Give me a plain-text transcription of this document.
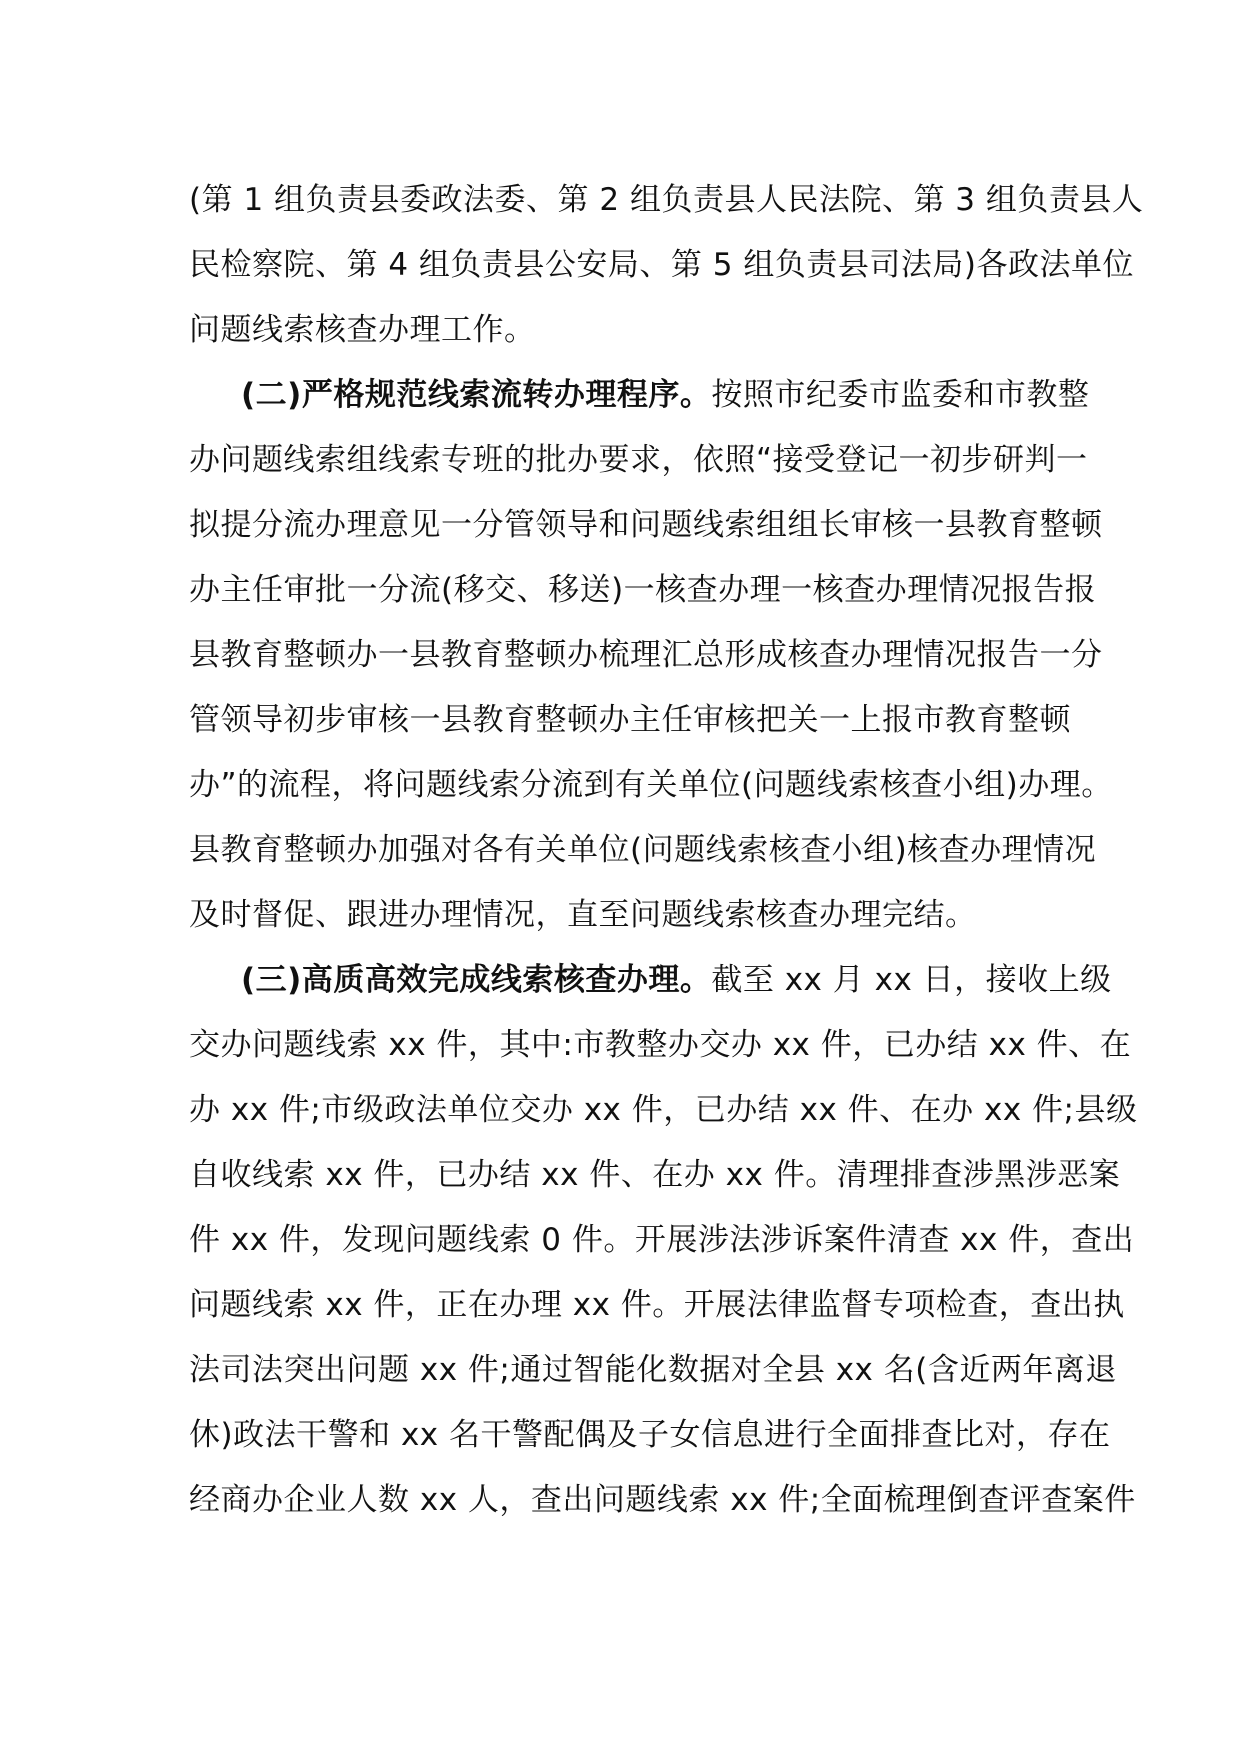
(第 1 组负责县委政法委、第 2 组负责县人民法院、第 3 组负责县人
民检察院、第 4 组负责县公安局、第 5 组负责县司法局)各政法单位
问题线索核查办理工作。
(二)严格规范线索流转办理程序。按照市纪委市监委和市教整
办问题线索组线索专班的批办要求，依照“接受登记一初步研判一
拟提分流办理意见一分管领导和问题线索组组长审核一县教育整顿
办主任审批一分流(移交、移送)一核查办理一核查办理情况报告报
县教育整顿办一县教育整顿办梳理汇总形成核查办理情况报告一分
管领导初步审核一县教育整顿办主任审核把关一上报市教育整顿
办”的流程，将问题线索分流到有关单位(问题线索核查小组)办理。
县教育整顿办加强对各有关单位(问题线索核查小组)核查办理情况
及时督促、跟进办理情况，直至问题线索核查办理完结。
(三)高质高效完成线索核查办理。截至 xx 月 xx 日，接收上级
交办问题线索 xx 件，其中:市教整办交办 xx 件，已办结 xx 件、在
办 xx 件;市级政法单位交办 xx 件，已办结 xx 件、在办 xx 件;县级
自收线索 xx 件，已办结 xx 件、在办 xx 件。清理排查涉黑涉恶案
件 xx 件，发现问题线索 0 件。开展涉法涉诉案件清查 xx 件，查出
问题线索 xx 件，正在办理 xx 件。开展法律监督专项检查，查出执
法司法突出问题 xx 件;通过智能化数据对全县 xx 名(含近两年离退
休)政法干警和 xx 名干警配偶及子女信息进行全面排查比对，存在
经商办企业人数 xx 人，查出问题线索 xx 件;全面梳理倒查评查案件
